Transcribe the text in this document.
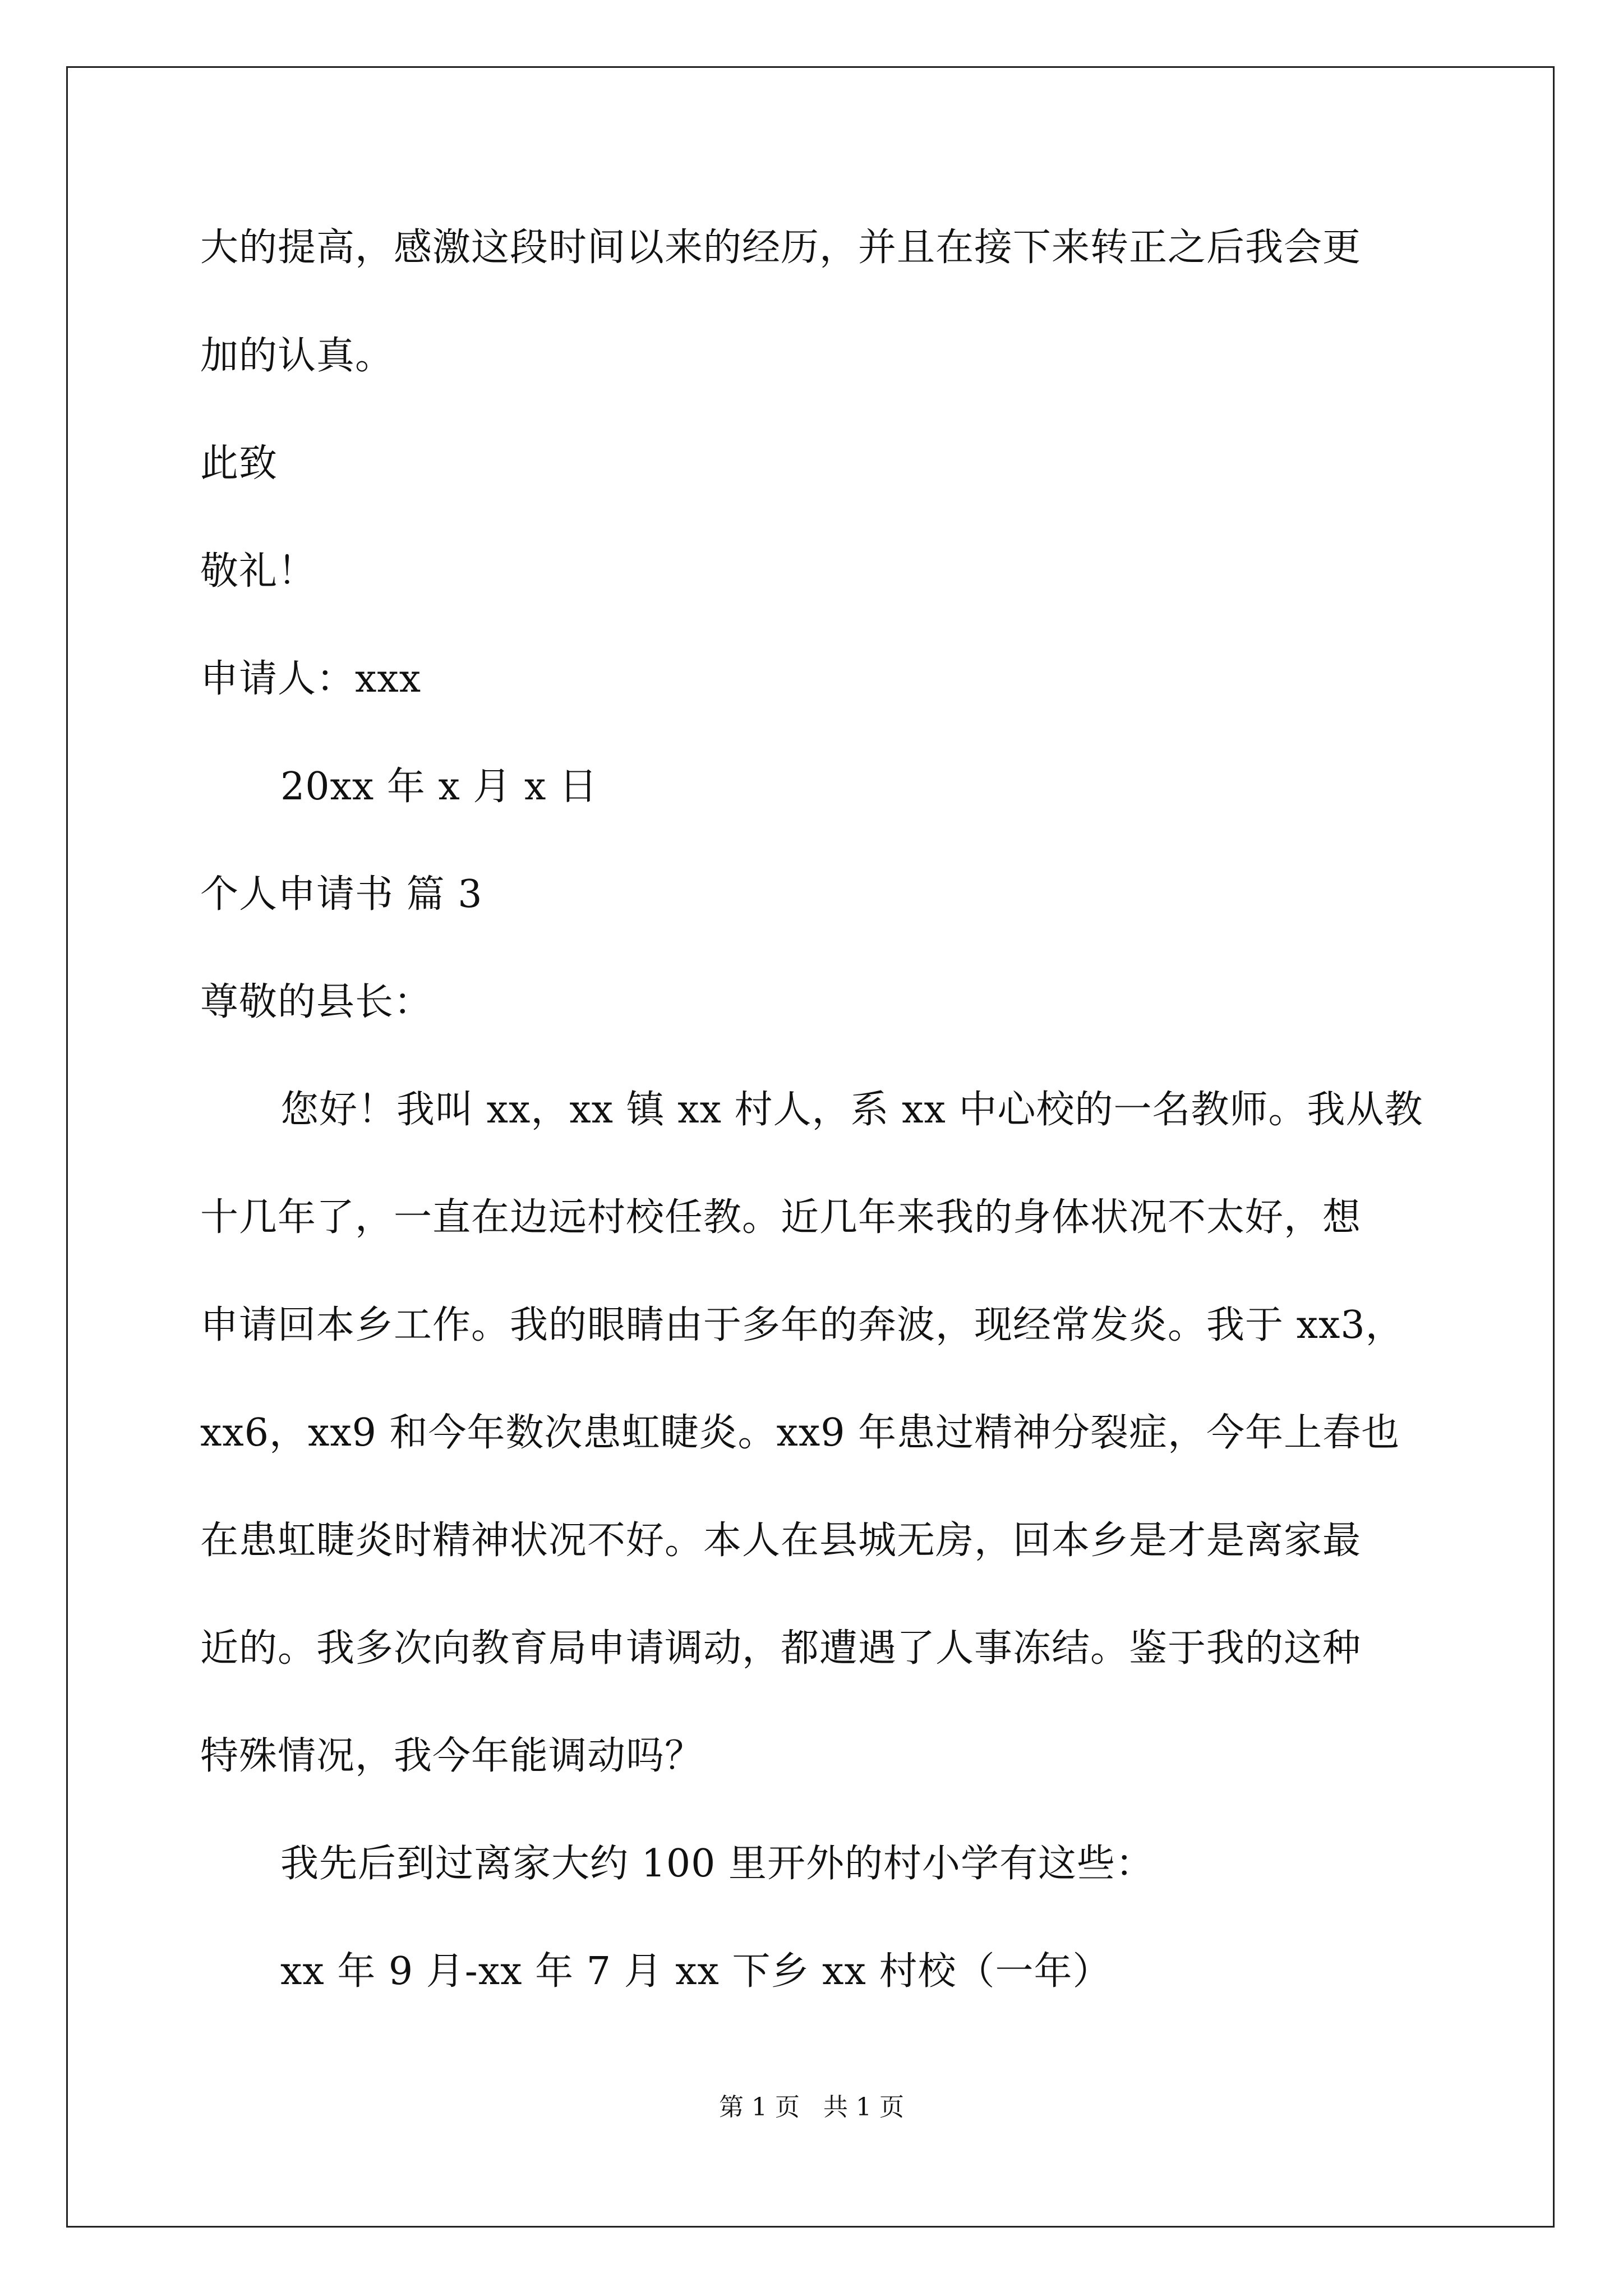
大的提高，感激这段时间以来的经历，并且在接下来转正之后我会更
加的认真。
此致
敬礼！
申请人：xxx
20xx 年 x 月 x 日
个人申请书 篇 3
尊敬的县长：
您好！我叫 xx，xx 镇 xx 村人，系 xx 中心校的一名教师。我从教
十几年了，一直在边远村校任教。近几年来我的身体状况不太好，想
申请回本乡工作。我的眼睛由于多年的奔波，现经常发炎。我于 xx3，
xx6，xx9 和今年数次患虹睫炎。xx9 年患过精神分裂症，今年上春也
在患虹睫炎时精神状况不好。本人在县城无房，回本乡是才是离家最
近的。我多次向教育局申请调动，都遭遇了人事冻结。鉴于我的这种
特殊情况，我今年能调动吗？
我先后到过离家大约 100 里开外的村小学有这些：
xx 年 9 月-xx 年 7 月 xx 下乡 xx 村校（一年）
第 1 页   共 1 页
